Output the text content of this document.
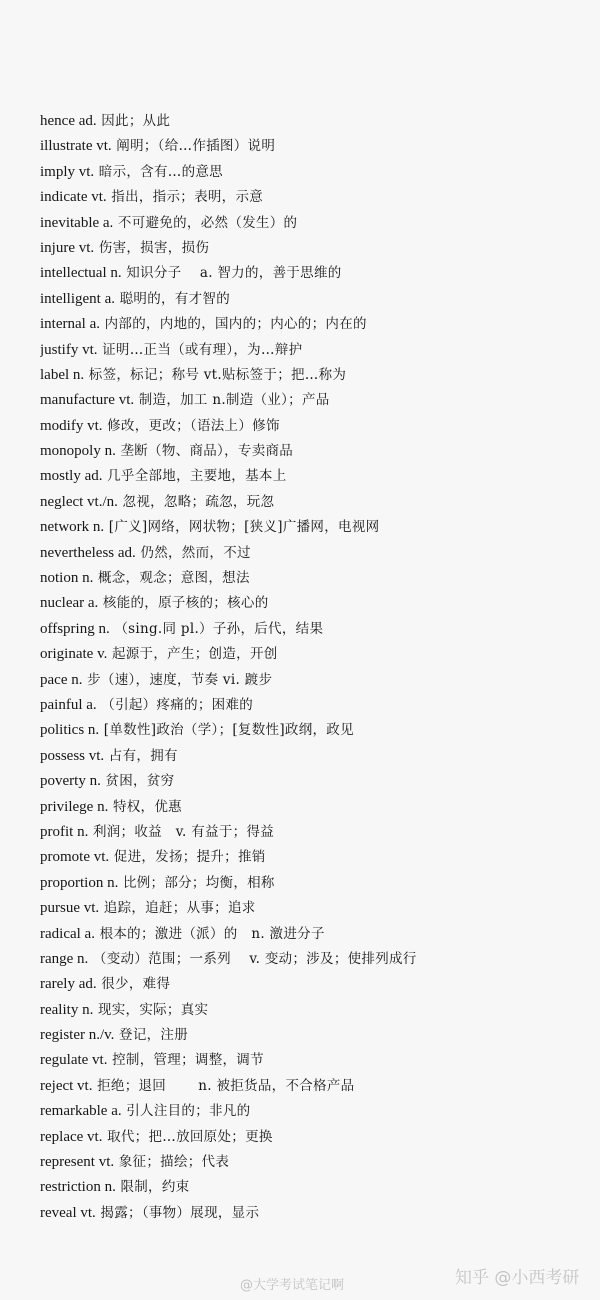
hence ad. 因此；从此
illustrate vt. 阐明；（给…作插图）说明
imply vt. 暗示，含有…的意思
indicate vt. 指出，指示；表明，示意
inevitable a. 不可避免的，必然（发生）的
injure vt. 伤害，损害，损伤
intellectual n. 知识分子　 a. 智力的，善于思维的
intelligent a. 聪明的，有才智的
internal a. 内部的，内地的，国内的；内心的；内在的
justify vt. 证明…正当（或有理），为…辩护
label n. 标签，标记；称号 vt.贴标签于；把…称为
manufacture vt. 制造，加工 n.制造（业）；产品
modify vt. 修改，更改；（语法上）修饰
monopoly n. 垄断（物、商品），专卖商品
mostly ad. 几乎全部地，主要地，基本上
neglect vt./n. 忽视，忽略；疏忽，玩忽
network n. [广义]网络，网状物；[狭义]广播网，电视网
nevertheless ad. 仍然，然而，不过
notion n. 概念，观念；意图，想法
nuclear a. 核能的，原子核的；核心的
offspring n. （sing.同 pl.）子孙，后代，结果
originate v. 起源于，产生；创造，开创
pace n. 步（速），速度，节奏 vi. 踱步
painful a. （引起）疼痛的；困难的
politics n. [单数性]政治（学）；[复数性]政纲，政见
possess vt. 占有，拥有
poverty n. 贫困，贫穷
privilege n. 特权，优惠
profit n. 利润；收益　v. 有益于；得益
promote vt. 促进，发扬；提升；推销
proportion n. 比例；部分；均衡，相称
pursue vt. 追踪，追赶；从事；追求
radical a. 根本的；激进（派）的　n. 激进分子
range n. （变动）范围；一系列　 v. 变动；涉及；使排列成行
rarely ad. 很少，难得
reality n. 现实，实际；真实
register n./v. 登记，注册
regulate vt. 控制，管理；调整，调节
reject vt. 拒绝；退回　　 n. 被拒货品，不合格产品
remarkable a. 引人注目的；非凡的
replace vt. 取代；把…放回原处；更换
represent vt. 象征；描绘；代表
restriction n. 限制，约束
reveal vt. 揭露；（事物）展现，显示
@大学考试笔记啊	知乎 @小西考研
